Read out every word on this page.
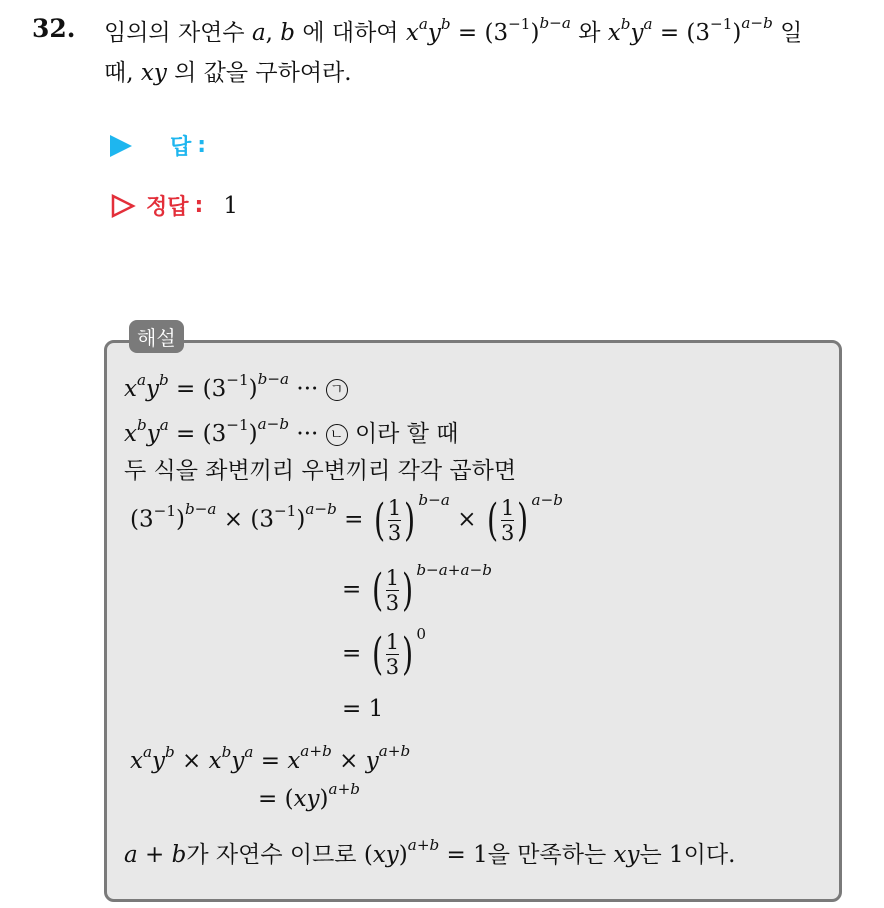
32. 임의의 자연수 a, b 에 대하여 $x^ay^b = (3^{-1})^{b-a}$ 와 $x^by^a = (3^{-1})^{a-b}$ 일
때, xy 의 값을 구하여라.
답 :
정답 : 1
해설
$x^ay^b = (3^{-1})^{b-a}$ ··· ㄱ
$x^by^a = (3^{-1})^{a-b}$ ··· ㄴ 이라 할 때
두 식을 좌변끼리 우변끼리 각각 곱하면
$(3^{-1})^{b-a} \times (3^{-1})^{a-b}$ = ( $\frac{1}{3}$ ) $^{b-a}$ × ( $\frac{1}{3}$ ) $^{a-b}$
= ( $\frac{1}{3}$ ) $^{b-a+a-b}$
= ( $\frac{1}{3}$ ) $^0$
= 1
$x^ay^b \times x^by^a = x^{a+b} \times y^{a+b}$
= (xy)$^{a+b}$
a + b가 자연수 이므로 (xy)$^{a+b}$ = 1을 만족하는 xy는 1이다.
